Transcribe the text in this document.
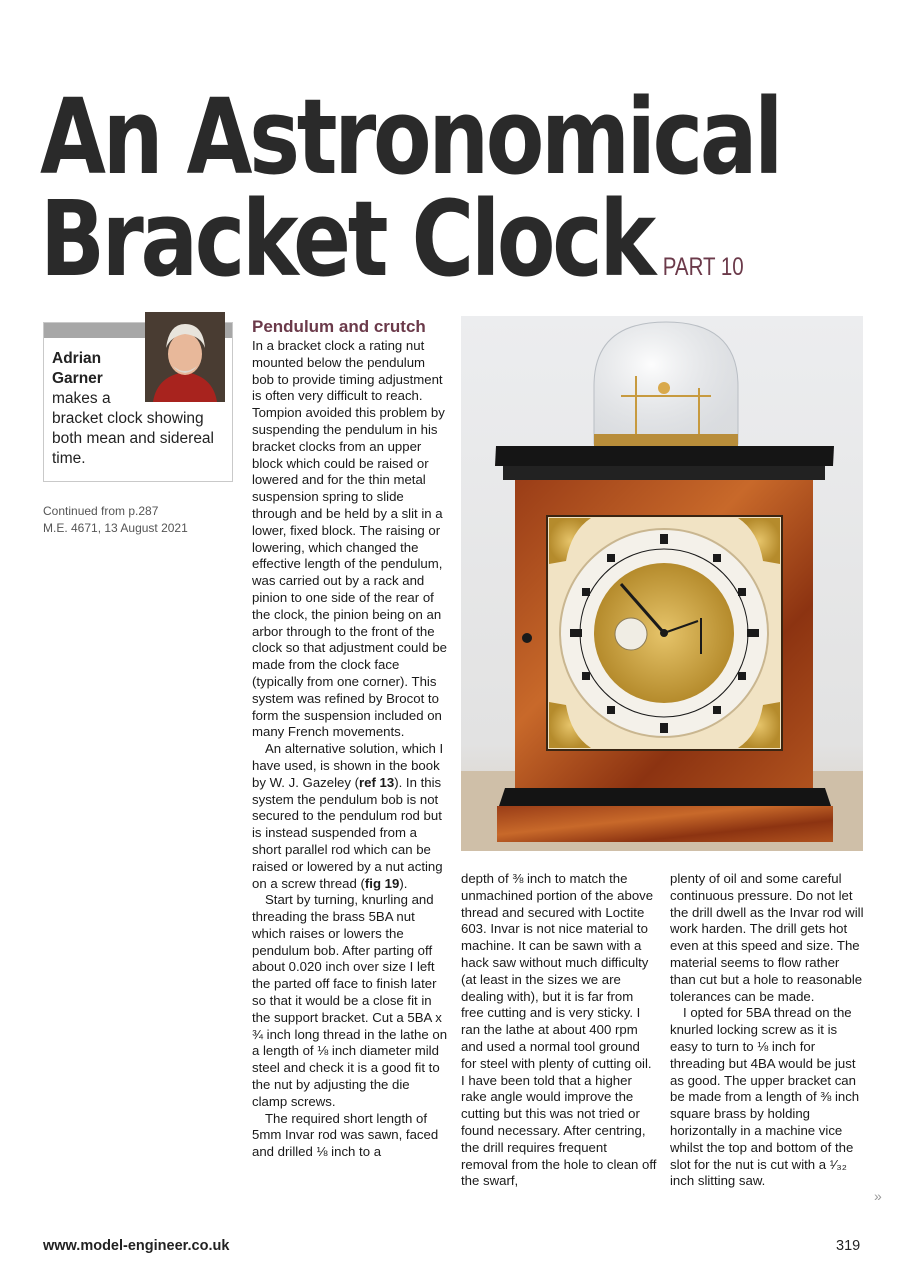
An Astronomical
Bracket Clock PART 10
Adrian
Garner
makes a
bracket clock showing
both mean and sidereal
time.
Continued from p.287
M.E. 4671, 13 August 2021

Pendulum and crutch

In a bracket clock a rating nut mounted below the pendulum bob to provide timing adjustment is often very difficult to reach. Tompion avoided this problem by suspending the pendulum in his bracket clocks from an upper block which could be raised or lowered and for the thin metal suspension spring to slide through and be held by a slit in a lower, fixed block. The raising or lowering, which changed the effective length of the pendulum, was carried out by a rack and pinion to one side of the rear of the clock, the pinion being on an arbor through to the front of the clock so that adjustment could be made from the clock face (typically from one corner). This system was refined by Brocot to form the suspension included on many French movements.

An alternative solution, which I have used, is shown in the book by W. J. Gazeley (ref 13). In this system the pendulum bob is not secured to the pendulum rod but is instead suspended from a short parallel rod which can be raised or lowered by a nut acting on a screw thread (fig 19).

Start by turning, knurling and threading the brass 5BA nut which raises or lowers the pendulum bob. After parting off about 0.020 inch over size I left the parted off face to finish later so that it would be a close fit in the support bracket. Cut a 5BA x ¾ inch long thread in the lathe on a length of ⅛ inch diameter mild steel and check it is a good fit to the nut by adjusting the die clamp screws.

The required short length of 5mm Invar rod was sawn, faced and drilled ⅛ inch to a

depth of ⅜ inch to match the unmachined portion of the above thread and secured with Loctite 603. Invar is not nice material to machine. It can be sawn with a hack saw without much difficulty (at least in the sizes we are dealing with), but it is far from free cutting and is very sticky. I ran the lathe at about 400 rpm and used a normal tool ground for steel with plenty of cutting oil. I have been told that a higher rake angle would improve the cutting but this was not tried or found necessary. After centring, the drill requires frequent removal from the hole to clean off the swarf,

plenty of oil and some careful continuous pressure. Do not let the drill dwell as the Invar rod will work harden. The drill gets hot even at this speed and size. The material seems to flow rather than cut but a hole to reasonable tolerances can be made.

I opted for 5BA thread on the knurled locking screw as it is easy to turn to ⅛ inch for threading but 4BA would be just as good. The upper bracket can be made from a length of ⅜ inch square brass by holding horizontally in a machine vice whilst the top and bottom of the slot for the nut is cut with a ¹⁄₃₂ inch slitting saw.

»
www.model-engineer.co.uk	319
